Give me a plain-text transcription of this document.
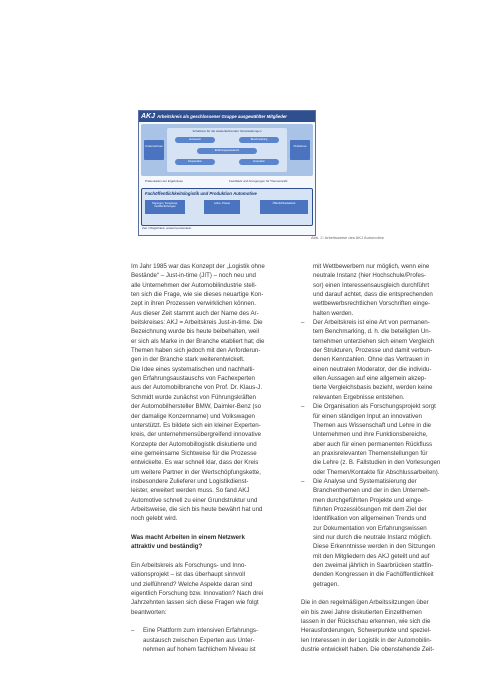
Arbeitskreis als geschlossener Gruppe ausgewählter Mitglieder
AKJ
Unternehmen
Schaltorte für die wiederkehrenden Veranstaltungen
Austausch	Benchmarking
Erfahrungsaustausch
Kooperation	Innovation
Probleme
Präsentation der Ergebnisse	Feedback und Anregungen für Themenwahl
Fachöffentlichkeitslogistik und Produktion Automotive
Tagungen, Kongresse, Veröffentlichungen
Lehre, Presse	Öffentlichkeitsarbeit
Zeit / Möglichkeit, weiterzuentwickeln
Abb. 2: Arbeitsweise des AKJ Automotive
Im Jahr 1985 war das Konzept der „Logistik ohne
Bestände“ – Just-in-time (JIT) – noch neu und
alle Unternehmen der Automobilindustrie stell-
ten sich die Frage, wie sie dieses neuartige Kon-
zept in ihren Prozessen verwirklichen können.
Aus dieser Zeit stammt auch der Name des Ar-
beitskreises: AKJ = Arbeitskreis Just-in-time. Die
Bezeichnung wurde bis heute beibehalten, weil
er sich als Marke in der Branche etabliert hat; die
Themen haben sich jedoch mit den Anforderun-
gen in der Branche stark weiterentwickelt.
Die Idee eines systematischen und nachhalti-
gen Erfahrungsaustauschs von Fachexperten
aus der Automobilbranche von Prof. Dr. Klaus-J.
Schmidt wurde zunächst von Führungskräften
der Automobilhersteller BMW, Daimler-Benz (so
der damalige Konzernname) und Volkswagen
unterstützt. Es bildete sich ein kleiner Experten-
kreis, der unternehmensübergreifend innovative
Konzepte der Automobillogistik diskutierte und
eine gemeinsame Sichtweise für die Prozesse
entwickelte. Es war schnell klar, dass der Kreis
um weitere Partner in der Wertschöpfungskette,
insbesondere Zulieferer und Logistikdienst-
leister, erweitert werden muss. So fand AKJ
Automotive schnell zu einer Grundstruktur und
Arbeitsweise, die sich bis heute bewährt hat und
noch gelebt wird.
Was macht Arbeiten in einem Netzwerk
attraktiv und beständig?
Ein Arbeitskreis als Forschungs- und Inno-
vationsprojekt – ist das überhaupt sinnvoll
und zielführend? Welche Aspekte daran sind
eigentlich Forschung bzw. Innovation? Nach drei
Jahrzehnten lassen sich diese Fragen wie folgt
beantworten:
– Eine Plattform zum intensiven Erfahrungs-
austausch zwischen Experten aus Unter-
nehmen auf hohem fachlichem Niveau ist
mit Wettbewerbern nur möglich, wenn eine
neutrale Instanz (hier Hochschule/Profes-
sor) einen Interessensausgleich durchführt
und darauf achtet, dass die entsprechenden
wettbewerbsrechtlichen Vorschriften einge-
halten werden.
– Der Arbeitskreis ist eine Art von permanen-
tem Benchmarking, d. h. die beteiligten Un-
ternehmen unterziehen sich einem Vergleich
der Strukturen, Prozesse und damit verbun-
denen Kennzahlen. Ohne das Vertrauen in
einen neutralen Moderator, der die individu-
ellen Aussagen auf eine allgemein akzep-
tierte Vergleichsbasis bezieht, werden keine
relevanten Ergebnisse entstehen.
– Die Organisation als Forschungsprojekt sorgt
für einen ständigen Input an innovativen
Themen aus Wissenschaft und Lehre in die
Unternehmen und ihre Funktionsbereiche,
aber auch für einen permanenten Rückfluss
an praxisrelevanten Themenstellungen für
die Lehre (z. B. Fallstudien in den Vorlesungen
oder Themen/Kontakte für Abschlussarbeiten).
– Die Analyse und Systematisierung der
Branchenthemen und der in den Unterneh-
men durchgeführten Projekte und einge-
führten Prozesslösungen mit dem Ziel der
Identifikation von allgemeinen Trends und
zur Dokumentation von Erfahrungswissen
sind nur durch die neutrale Instanz möglich.
Diese Erkenntnisse werden in den Sitzungen
mit den Mitgliedern des AKJ geteilt und auf
den zweimal jährlich in Saarbrücken stattfin-
denden Kongressen in die Fachöffentlichkeit
getragen.
Die in den regelmäßigen Arbeitssitzungen über
ein bis zwei Jahre diskutierten Einzelthemen
lassen in der Rückschau erkennen, wie sich die
Herausforderungen, Schwerpunkte und speziel-
len Interessen in der Logistik in der Automobilin-
dustrie entwickelt haben. Die obenstehende Zeit-
